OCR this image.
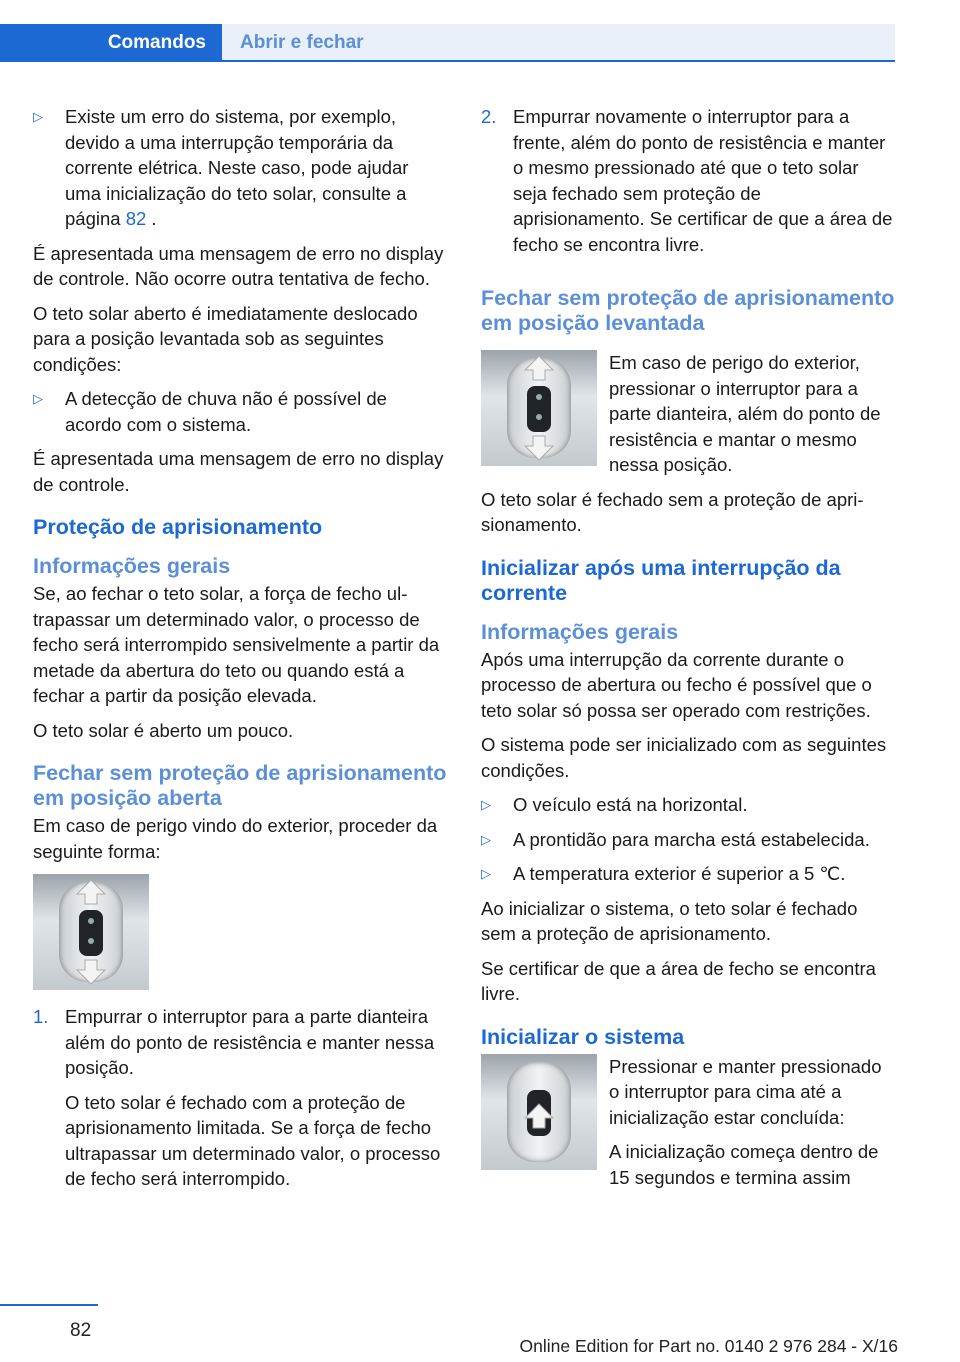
Comandos	Abrir e fechar
▷	Existe um erro do sistema, por exemplo, devido a uma interrupção temporária da corrente elétrica. Neste caso, pode ajudar uma inicialização do teto solar, consulte a página 82 .

É apresentada uma mensagem de erro no display de controle. Não ocorre outra tentativa de fecho.

O teto solar aberto é imediatamente deslocado para a posição levantada sob as seguintes condições:

▷	A detecção de chuva não é possível de acordo com o sistema.

É apresentada uma mensagem de erro no display de controle.

Proteção de aprisionamento
Informações gerais

Se, ao fechar o teto solar, a força de fecho ultrapassar um determinado valor, o processo de fecho será interrompido sensivelmente a partir da metade da abertura do teto ou quando está a fechar a partir da posição elevada.

O teto solar é aberto um pouco.

Fechar sem proteção de aprisionamento em posição aberta

Em caso de perigo vindo do exterior, proceder da seguinte forma:

1. Empurrar o interruptor para a parte dianteira além do ponto de resistência e manter nessa posição.

O teto solar é fechado com a proteção de aprisionamento limitada. Se a força de fecho ultrapassar um determinado valor, o processo de fecho será interrompido.

2. Empurrar novamente o interruptor para a frente, além do ponto de resistência e manter o mesmo pressionado até que o teto solar seja fechado sem proteção de aprisionamento. Se certificar de que a área de fecho se encontra livre.

Fechar sem proteção de aprisionamento em posição levantada
Em caso de perigo do exterior, pressionar o interruptor para a parte dianteira, além do ponto de resistência e mantar o mesmo nessa posição.

O teto solar é fechado sem a proteção de aprisionamento.

Inicializar após uma interrupção da corrente
Informações gerais

Após uma interrupção da corrente durante o processo de abertura ou fecho é possível que o teto solar só possa ser operado com restrições.

O sistema pode ser inicializado com as seguintes condições.

▷	O veículo está na horizontal.
▷	A prontidão para marcha está estabelecida.
▷	A temperatura exterior é superior a 5 ℃.

Ao inicializar o sistema, o teto solar é fechado sem a proteção de aprisionamento.

Se certificar de que a área de fecho se encontra livre.

Inicializar o sistema

Pressionar e manter pressionado o interruptor para cima até a inicialização estar concluída:

A inicialização começa dentro de 15 segundos e termina assim

82
Online Edition for Part no. 0140 2 976 284 - X/16
